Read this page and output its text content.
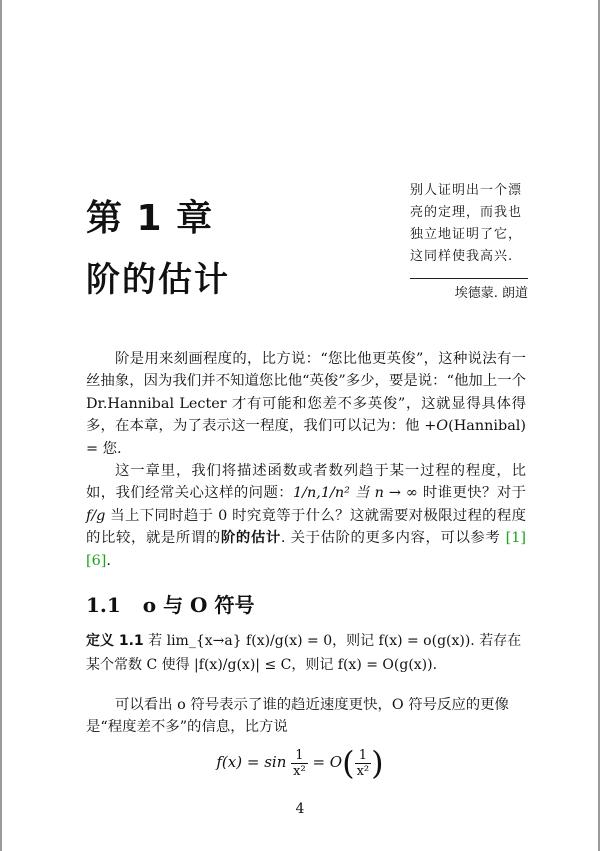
第 1 章
阶的估计
别人证明出一个漂亮的定理，而我也独立地证明了它，这同样使我高兴.
埃德蒙. 朗道

阶是用来刻画程度的，比方说：“您比他更英俊”，这种说法有一丝抽象，因为我们并不知道您比他“英俊”多少，要是说：“他加上一个 Dr.Hannibal Lecter 才有可能和您差不多英俊”，这就显得具体得多，在本章，为了表示这一程度，我们可以记为：他 +O(Hannibal) = 您.

这一章里，我们将描述函数或者数列趋于某一过程的程度，比如，我们经常关心这样的问题：1/n,1/n² 当 n → ∞ 时谁更快？对于 f/g 当上下同时趋于 0 时究竟等于什么？这就需要对极限过程的程度的比较，就是所谓的阶的估计. 关于估阶的更多内容，可以参考 [1] [6].

1.1 o 与 O 符号
定义 1.1 若 lim_{x→a} f(x)/g(x) = 0，则记 f(x) = o(g(x)). 若存在某个常数 C 使得 |f(x)/g(x)| ≤ C，则记 f(x) = O(g(x)).

可以看出 o 符号表示了谁的趋近速度更快，O 符号反应的更像是“程度差不多”的信息，比方说

$f(x) = \sin \frac{1}{\text{x²}} = O( \frac{1}{\text{x²}}$ )
4
